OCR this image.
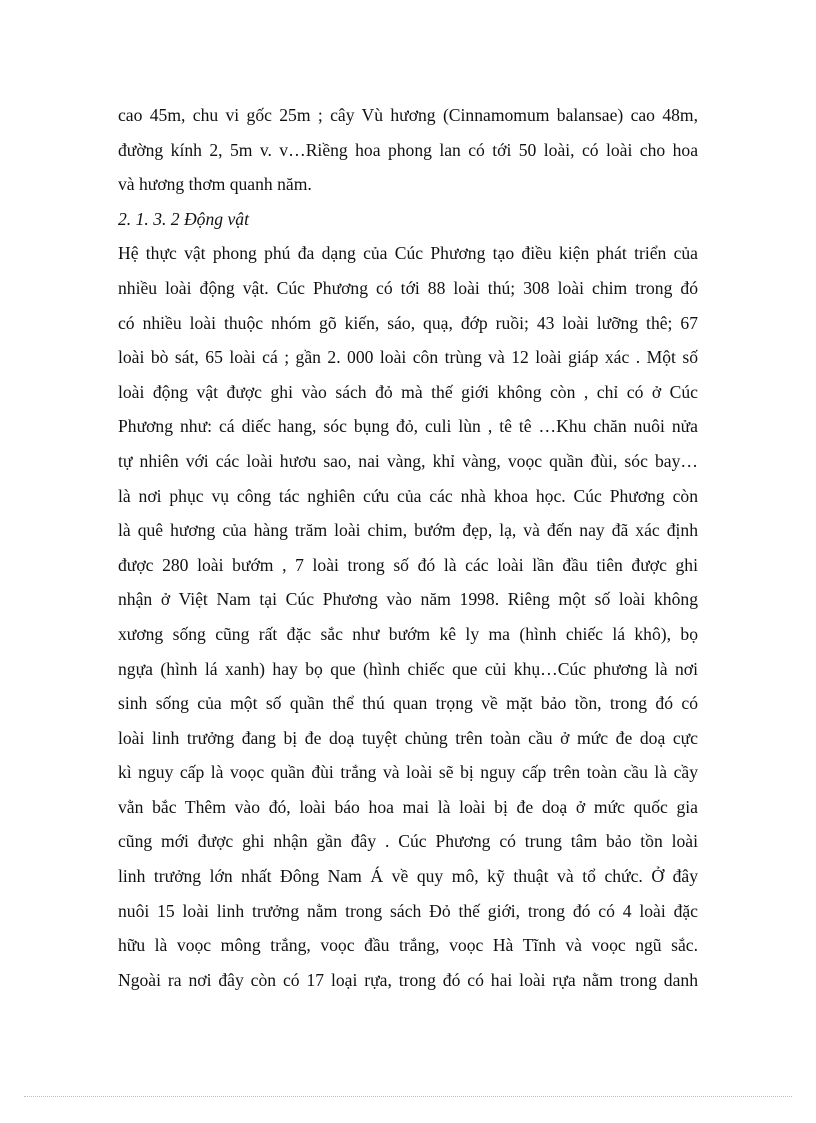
cao 45m, chu vi gốc 25m ; cây Vù hương (Cinnamomum balansae) cao 48m,
đường kính 2, 5m v. v…Riềng hoa phong lan có tới 50 loài, có loài cho hoa
và hương thơm quanh năm.
2. 1. 3. 2 Động vật
Hệ thực vật phong phú đa dạng của Cúc Phương tạo điều kiện phát triển của
nhiều loài động vật. Cúc Phương có tới 88 loài thú; 308 loài chim trong đó
có nhiều loài thuộc nhóm gõ kiến, sáo, quạ, đớp ruồi; 43 loài lưỡng thê; 67
loài bò sát, 65 loài cá ; gần 2. 000 loài côn trùng và 12 loài giáp xác . Một số
loài động vật được ghi vào sách đỏ mà thế giới không còn , chỉ có ở Cúc
Phương như: cá diếc hang, sóc bụng đỏ, culi lùn , tê tê …Khu chăn nuôi nửa
tự nhiên với các loài hươu sao, nai vàng, khỉ vàng, voọc quần đùi, sóc bay…
là nơi phục vụ công tác nghiên cứu của các nhà khoa học. Cúc Phương còn
là quê hương của hàng trăm loài chim, bướm đẹp, lạ, và đến nay đã xác định
được 280 loài bướm , 7 loài trong số đó là các loài lần đầu tiên được ghi
nhận ở Việt Nam tại Cúc Phương vào năm 1998. Riêng một số loài không
xương sống cũng rất đặc sắc như bướm kê ly ma (hình chiếc lá khô), bọ
ngựa (hình lá xanh) hay bọ que (hình chiếc que củi khụ…Cúc phương là nơi
sinh sống của một số quần thể thú quan trọng về mặt bảo tồn, trong đó có
loài linh trưởng đang bị đe doạ tuyệt chủng trên toàn cầu ở mức đe doạ cực
kì nguy cấp là voọc quần đùi trắng và loài sẽ bị nguy cấp trên toàn cầu là cầy
vằn bắc Thêm vào đó, loài báo hoa mai là loài bị đe doạ ở mức quốc gia
cũng mới được ghi nhận gần đây . Cúc Phương có trung tâm bảo tồn loài
linh trưởng lớn nhất Đông Nam Á về quy mô, kỹ thuật và tổ chức. Ở đây
nuôi 15 loài linh trưởng nằm trong sách Đỏ thế giới, trong đó có 4 loài đặc
hữu là voọc mông trắng, voọc đầu trắng, voọc Hà Tĩnh và voọc ngũ sắc.
Ngoài ra nơi đây còn có 17 loại rựa, trong đó có hai loài rựa nằm trong danh
